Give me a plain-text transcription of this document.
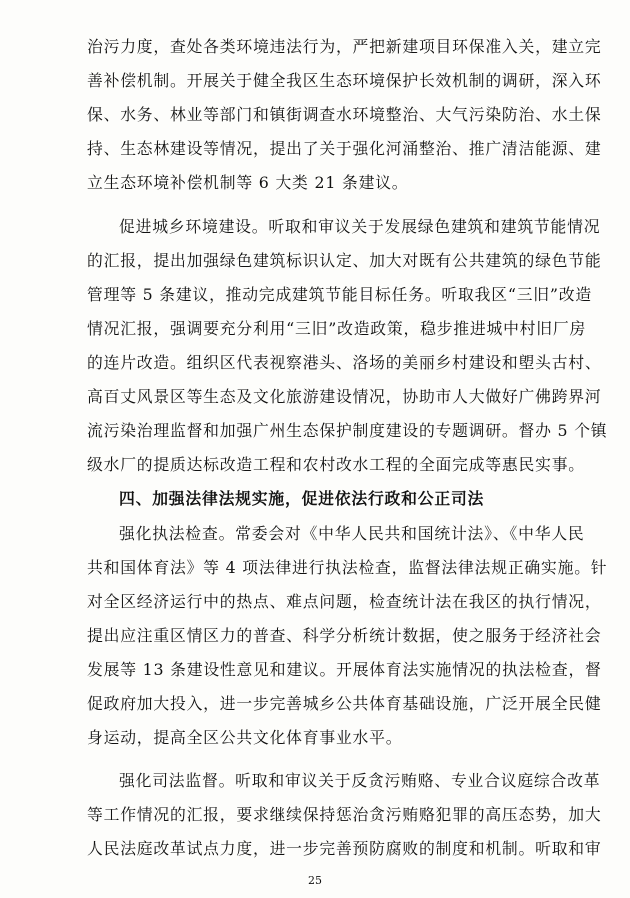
治污力度，查处各类环境违法行为，严把新建项目环保准入关，建立完
善补偿机制。开展关于健全我区生态环境保护长效机制的调研，深入环
保、水务、林业等部门和镇街调查水环境整治、大气污染防治、水土保
持、生态林建设等情况，提出了关于强化河涌整治、推广清洁能源、建
立生态环境补偿机制等 6 大类 21 条建议。
促进城乡环境建设。听取和审议关于发展绿色建筑和建筑节能情况
的汇报，提出加强绿色建筑标识认定、加大对既有公共建筑的绿色节能
管理等 5 条建议，推动完成建筑节能目标任务。听取我区“三旧”改造
情况汇报，强调要充分利用“三旧”改造政策，稳步推进城中村旧厂房
的连片改造。组织区代表视察港头、洛场的美丽乡村建设和塱头古村、
高百丈风景区等生态及文化旅游建设情况，协助市人大做好广佛跨界河
流污染治理监督和加强广州生态保护制度建设的专题调研。督办 5 个镇
级水厂的提质达标改造工程和农村改水工程的全面完成等惠民实事。
四、加强法律法规实施，促进依法行政和公正司法
强化执法检查。常委会对《中华人民共和国统计法》、《中华人民
共和国体育法》等 4 项法律进行执法检查，监督法律法规正确实施。针
对全区经济运行中的热点、难点问题，检查统计法在我区的执行情况，
提出应注重区情区力的普查、科学分析统计数据，使之服务于经济社会
发展等 13 条建设性意见和建议。开展体育法实施情况的执法检查，督
促政府加大投入，进一步完善城乡公共体育基础设施，广泛开展全民健
身运动，提高全区公共文化体育事业水平。
强化司法监督。听取和审议关于反贪污贿赂、专业合议庭综合改革
等工作情况的汇报，要求继续保持惩治贪污贿赂犯罪的高压态势，加大
人民法庭改革试点力度，进一步完善预防腐败的制度和机制。听取和审
25
